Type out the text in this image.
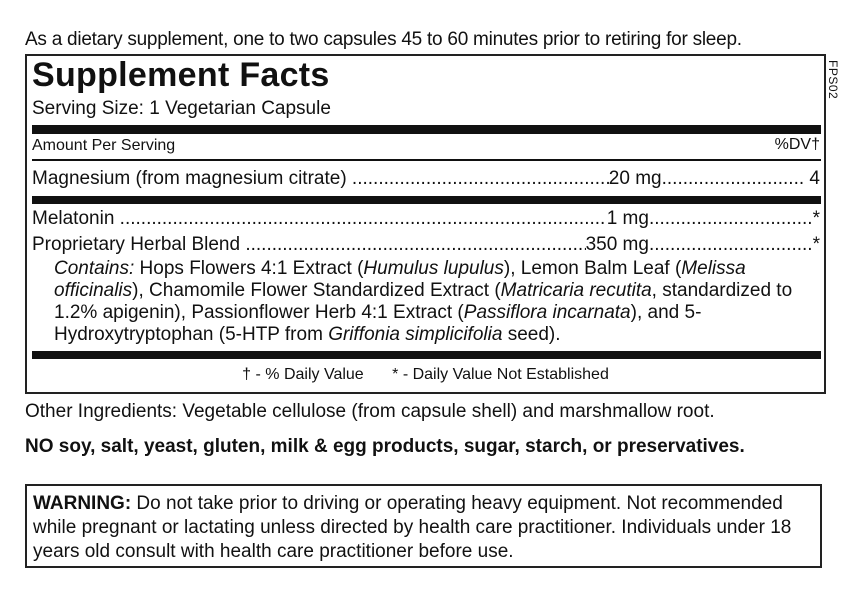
As a dietary supplement, one to two capsules 45 to 60 minutes prior to retiring for sleep.
Supplement Facts
Serving Size: 1 Vegetarian Capsule
Amount Per Serving	%DV†
Magnesium (from magnesium citrate) .....	20 mg ........................... 4
Melatonin .....	1 mg ............................... *
Proprietary Herbal Blend .....	350 mg ............................... *
Contains: Hops Flowers 4:1 Extract (Humulus lupulus), Lemon Balm Leaf (Melissa officinalis), Chamomile Flower Standardized Extract (Matricaria recutita, standardized to 1.2% apigenin), Passionflower Herb 4:1 Extract (Passiflora incarnata), and 5-Hydroxytryptophan (5-HTP from Griffonia simplicifolia seed).
† - % Daily Value * - Daily Value Not Established
FPS02
Other Ingredients: Vegetable cellulose (from capsule shell) and marshmallow root.
NO soy, salt, yeast, gluten, milk & egg products, sugar, starch, or preservatives.
WARNING: Do not take prior to driving or operating heavy equipment. Not recommended while pregnant or lactating unless directed by health care practitioner. Individuals under 18 years old consult with health care practitioner before use.
